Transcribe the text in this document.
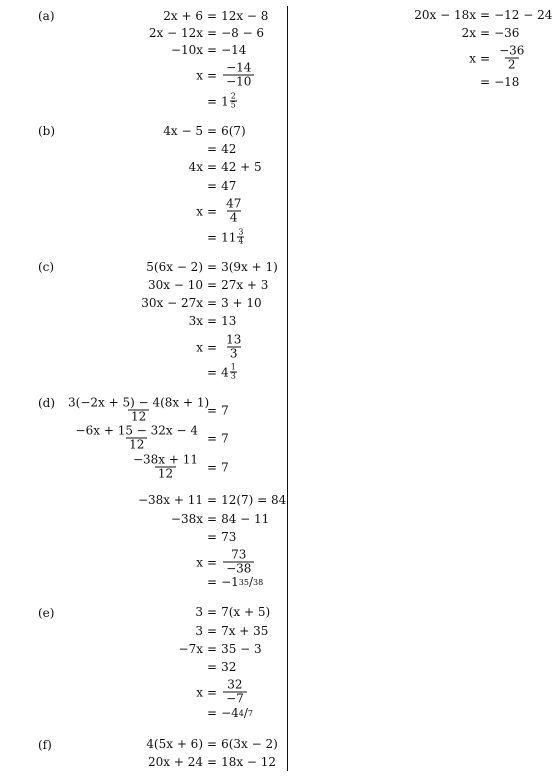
(a)	2x + 6 = 12x − 8
2x − 12x = −8 − 6
−10x = −14
$x = \frac{-14}{-10}$
= $1 \frac{2}{5}$
(b)	4x − 5 = 6(7)
= 42
4x = 42 + 5
= 47
$x = \frac{47}{4}$
= $11 \frac{3}{4}$
(c)	5(6x − 2) = 3(9x + 1)
30x − 10 = 27x + 3
30x − 27x = 3 + 10
3x = 13
$x = \frac{13}{3}$
= $4 \frac{1}{3}$
$(d) \frac{3(-2x + 5) - 4(8x + 1)}{12}$
= 7
$\frac{-6x + 15 - 32x - 4}{12} = 7$
$\frac{-38x + 11}{12} = 7$
−38x + 11 = 12(7) = 84
−38x = 84 − 11
= 73
$x = \frac{73}{-38}$
= −1 35 / 38
(e)	3 = 7(x + 5)
3 = 7x + 35
−7x = 35 − 3
= 32
$x = \frac{32}{-7}$
= −4 4 / 7
(f)	4(5x + 6) = 6(3x − 2)
20x + 24 = 18x − 12
20x − 18x = −12 − 24
2x = −36
$x = \frac{-36}{2}$
= −18
